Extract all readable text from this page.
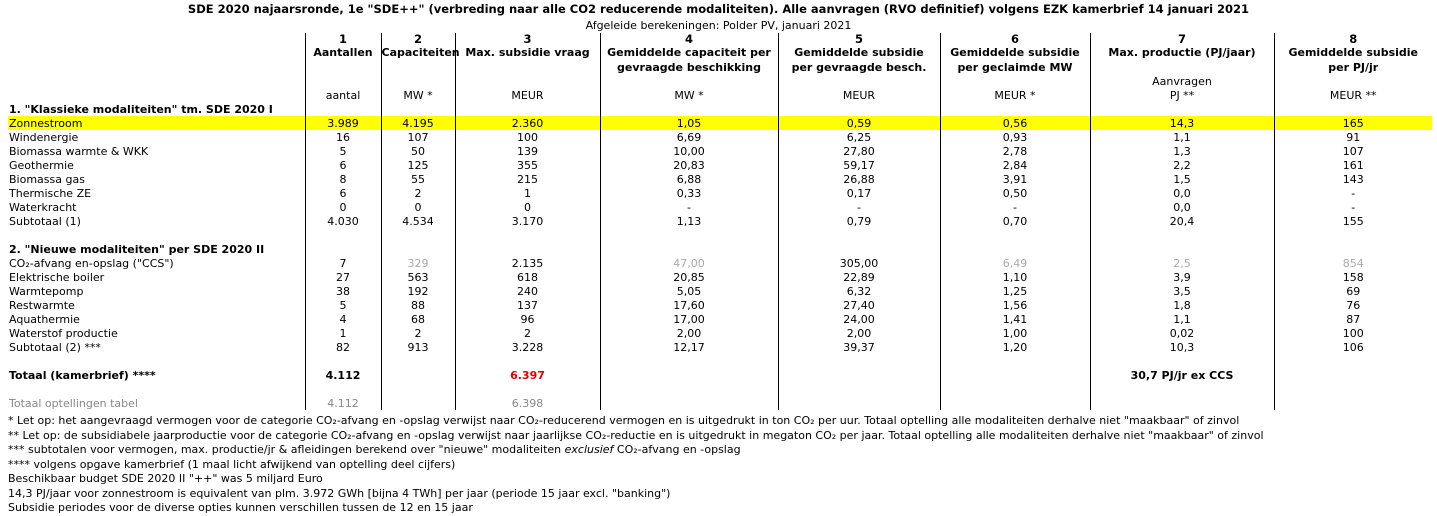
SDE 2020 najaarsronde, 1e "SDE++" (verbreding naar alle CO2 reducerende modaliteiten). Alle aanvragen (RVO definitief) volgens EZK kamerbrief 14 januari 2021
Afgeleide berekeningen: Polder PV, januari 2021
	1	2	3	4	5	6	7	8
	Aantallen	Capaciteiten	Max. subsidie vraag	Gemiddelde capaciteit per	Gemiddelde subsidie	Gemiddelde subsidie	Max. productie (PJ/jaar)	Gemiddelde subsidie
				gevraagde beschikking	per gevraagde besch.	per geclaimde MW		per PJ/jr
							Aanvragen	
	aantal	MW *	MEUR	MW *	MEUR	MEUR *	PJ **	MEUR **
1. "Klassieke modaliteiten" tm. SDE 2020 I								
Zonnestroom	3.989	4.195	2.360	1,05	0,59	0,56	14,3	165
Windenergie	16	107	100	6,69	6,25	0,93	1,1	91
Biomassa warmte & WKK	5	50	139	10,00	27,80	2,78	1,3	107
Geothermie	6	125	355	20,83	59,17	2,84	2,2	161
Biomassa gas	8	55	215	6,88	26,88	3,91	1,5	143
Thermische ZE	6	2	1	0,33	0,17	0,50	0,0	-
Waterkracht	0	0	0	-	-	-	0,0	-
Subtotaal (1)	4.030	4.534	3.170	1,13	0,79	0,70	20,4	155

2. "Nieuwe modaliteiten" per SDE 2020 II								
CO₂-afvang en-opslag ("CCS")	7	329	2.135	47,00	305,00	6,49	2,5	854
Elektrische boiler	27	563	618	20,85	22,89	1,10	3,9	158
Warmtepomp	38	192	240	5,05	6,32	1,25	3,5	69
Restwarmte	5	88	137	17,60	27,40	1,56	1,8	76
Aquathermie	4	68	96	17,00	24,00	1,41	1,1	87
Waterstof productie	1	2	2	2,00	2,00	1,00	0,02	100
Subtotaal (2) ***	82	913	3.228	12,17	39,37	1,20	10,3	106

Totaal (kamerbrief) ****	4.112		6.397				30,7 PJ/jr ex CCS	

Totaal optellingen tabel	4.112		6.398					
* Let op: het aangevraagd vermogen voor de categorie CO₂-afvang en -opslag verwijst naar CO₂-reducerend vermogen en is uitgedrukt in ton CO₂ per uur. Totaal optelling alle modaliteiten derhalve niet "maakbaar" of zinvol
** Let op: de subsidiabele jaarproductie voor de categorie CO₂-afvang en -opslag verwijst naar jaarlijkse CO₂-reductie en is uitgedrukt in megaton CO₂ per jaar. Totaal optelling alle modaliteiten derhalve niet "maakbaar" of zinvol
*** subtotalen voor vermogen, max. productie/jr & afleidingen berekend over "nieuwe" modaliteiten exclusief CO₂-afvang en -opslag
**** volgens opgave kamerbrief (1 maal licht afwijkend van optelling deel cijfers)
Beschikbaar budget SDE 2020 II "++" was 5 miljard Euro
14,3 PJ/jaar voor zonnestroom is equivalent van plm. 3.972 GWh [bijna 4 TWh] per jaar (periode 15 jaar excl. "banking")
Subsidie periodes voor de diverse opties kunnen verschillen tussen de 12 en 15 jaar
